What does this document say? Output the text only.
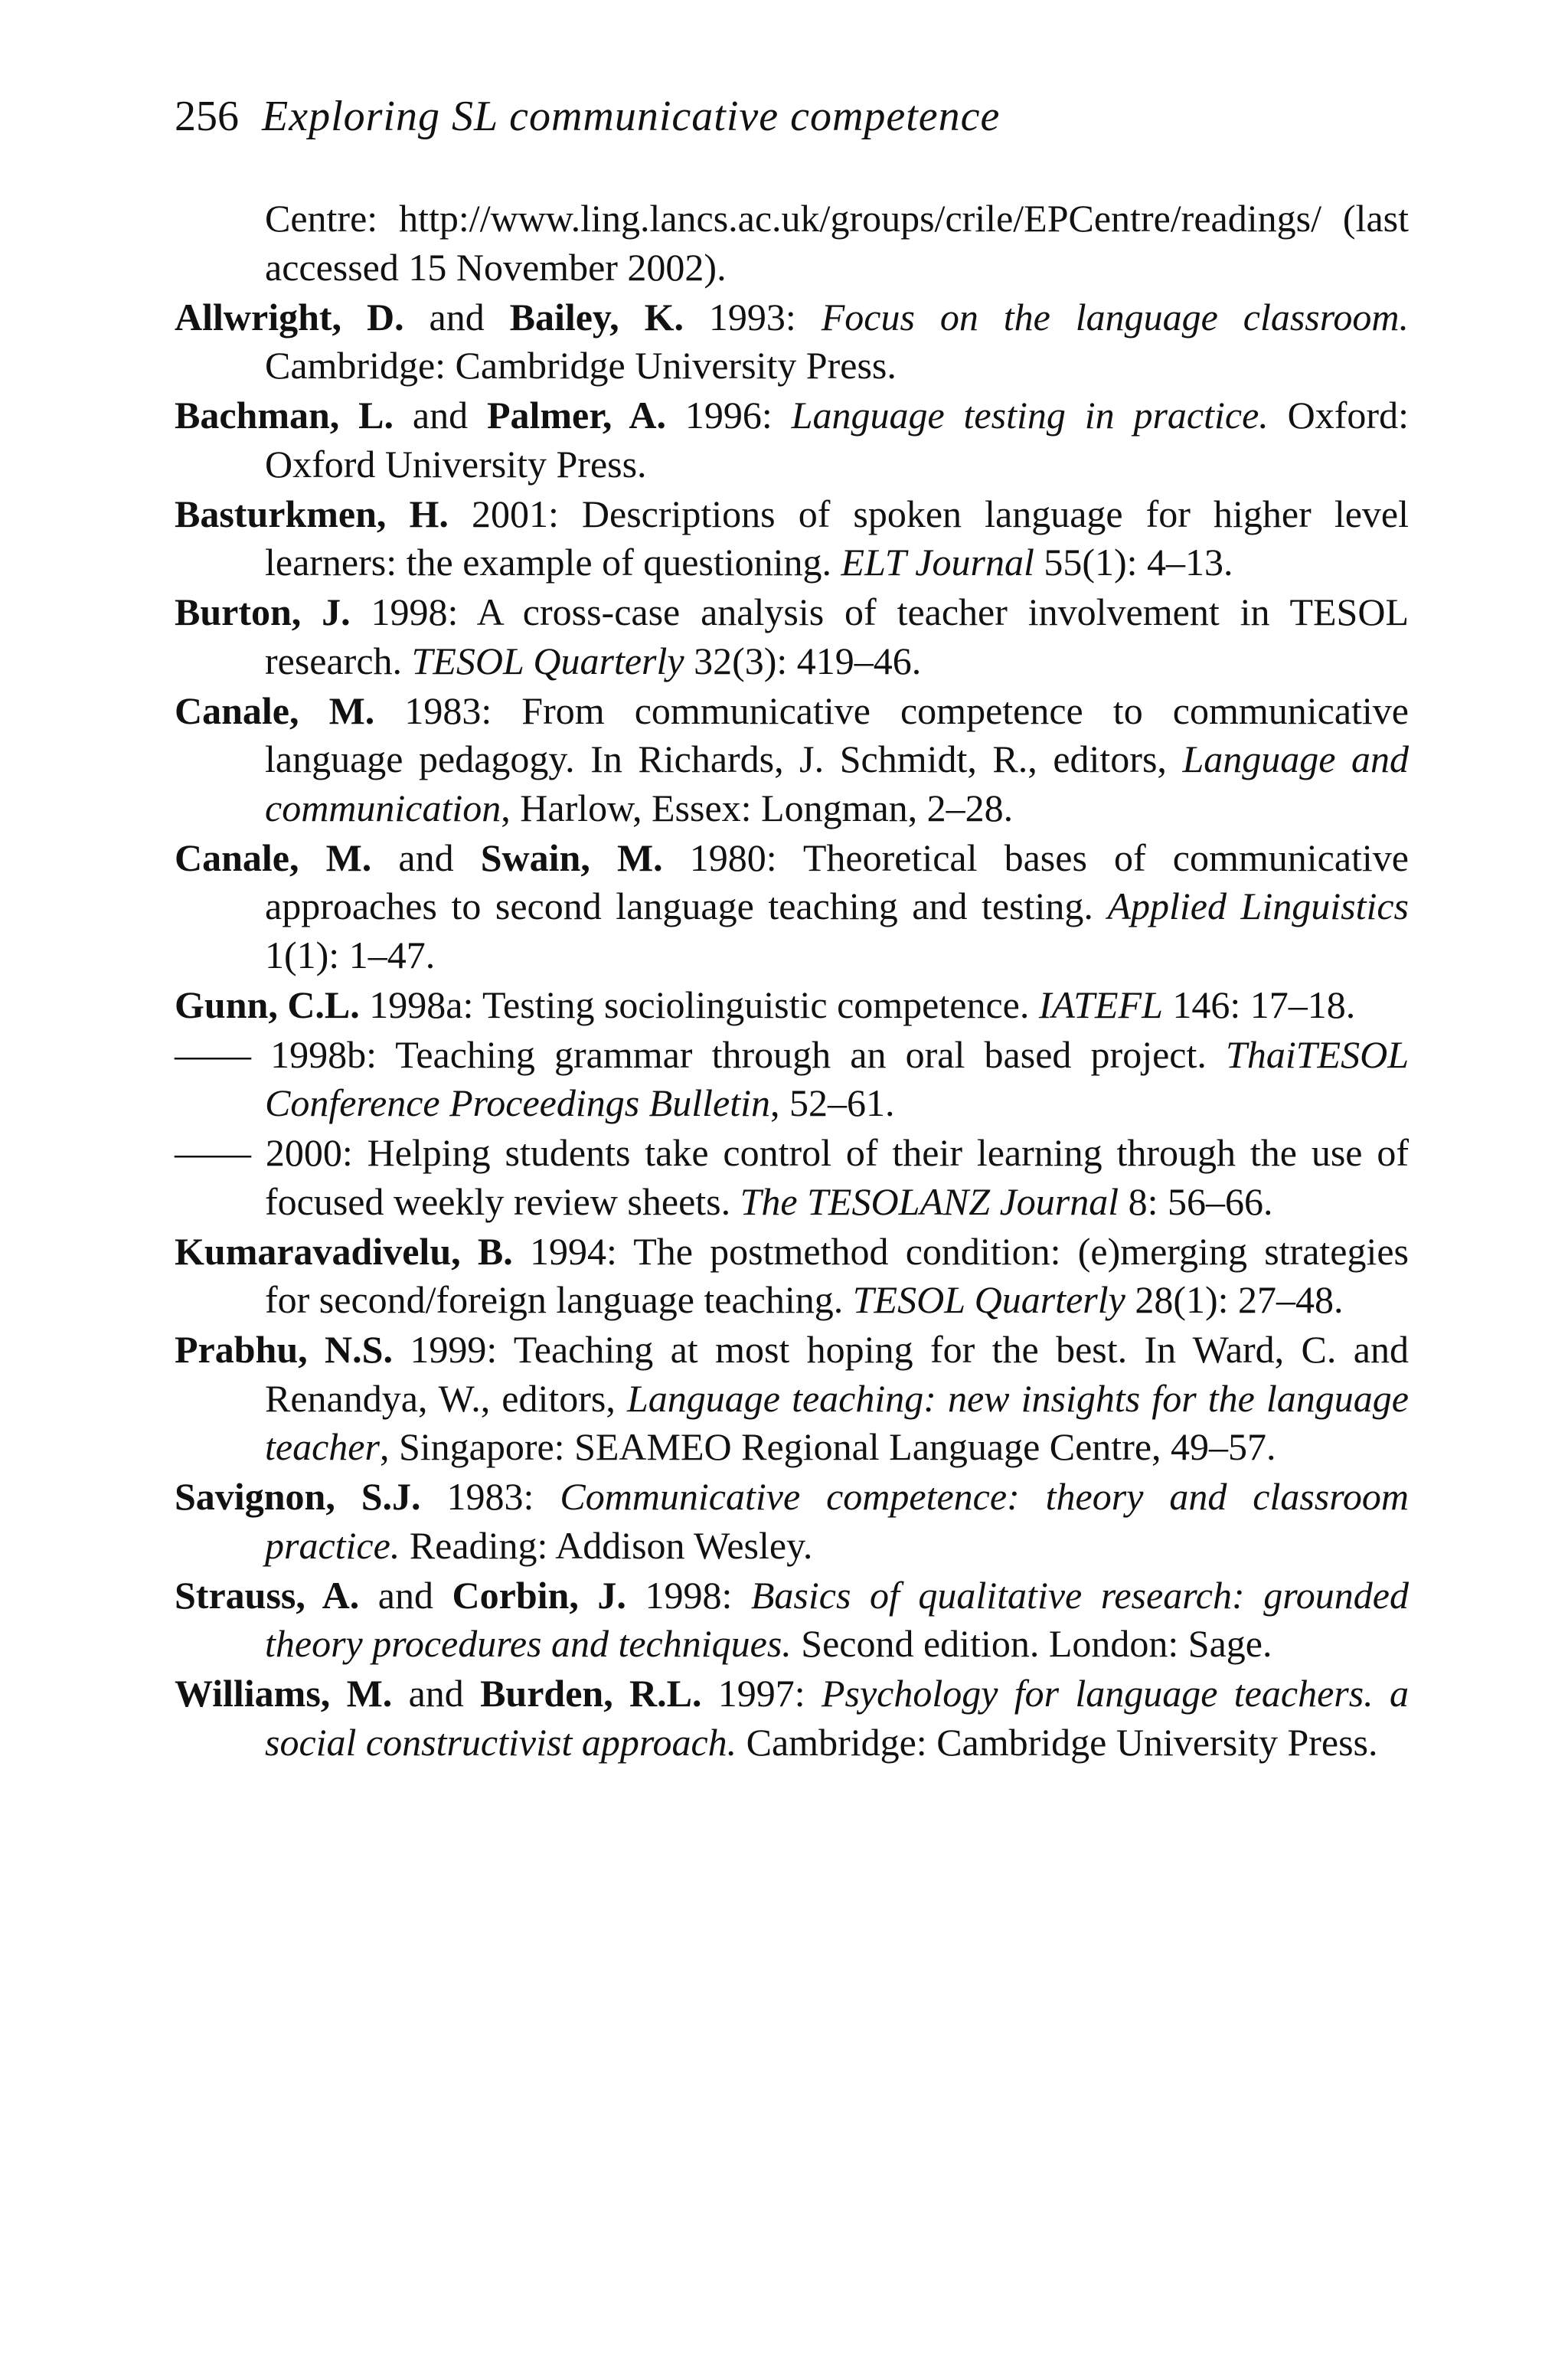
256 Exploring SL communicative competence

Centre: http://www.ling.lancs.ac.uk/groups/crile/EPCentre/readings/ (last accessed 15 November 2002).

Allwright, D. and Bailey, K. 1993: Focus on the language classroom. Cambridge: Cambridge University Press.

Bachman, L. and Palmer, A. 1996: Language testing in practice. Oxford: Oxford University Press.

Basturkmen, H. 2001: Descriptions of spoken language for higher level learners: the example of questioning. ELT Journal 55(1): 4–13.

Burton, J. 1998: A cross-case analysis of teacher involvement in TESOL research. TESOL Quarterly 32(3): 419–46.

Canale, M. 1983: From communicative competence to communicative language pedagogy. In Richards, J. Schmidt, R., editors, Language and communication, Harlow, Essex: Longman, 2–28.

Canale, M. and Swain, M. 1980: Theoretical bases of communicative approaches to second language teaching and testing. Applied Linguistics 1(1): 1–47.

Gunn, C.L. 1998a: Testing sociolinguistic competence. IATEFL 146: 17–18.

—— 1998b: Teaching grammar through an oral based project. ThaiTESOL Conference Proceedings Bulletin, 52–61.

—— 2000: Helping students take control of their learning through the use of focused weekly review sheets. The TESOLANZ Journal 8: 56–66.

Kumaravadivelu, B. 1994: The postmethod condition: (e)merging strategies for second/foreign language teaching. TESOL Quarterly 28(1): 27–48.

Prabhu, N.S. 1999: Teaching at most hoping for the best. In Ward, C. and Renandya, W., editors, Language teaching: new insights for the language teacher, Singapore: SEAMEO Regional Language Centre, 49–57.

Savignon, S.J. 1983: Communicative competence: theory and classroom practice. Reading: Addison Wesley.

Strauss, A. and Corbin, J. 1998: Basics of qualitative research: grounded theory procedures and techniques. Second edition. London: Sage.

Williams, M. and Burden, R.L. 1997: Psychology for language teachers. a social constructivist approach. Cambridge: Cambridge University Press.
